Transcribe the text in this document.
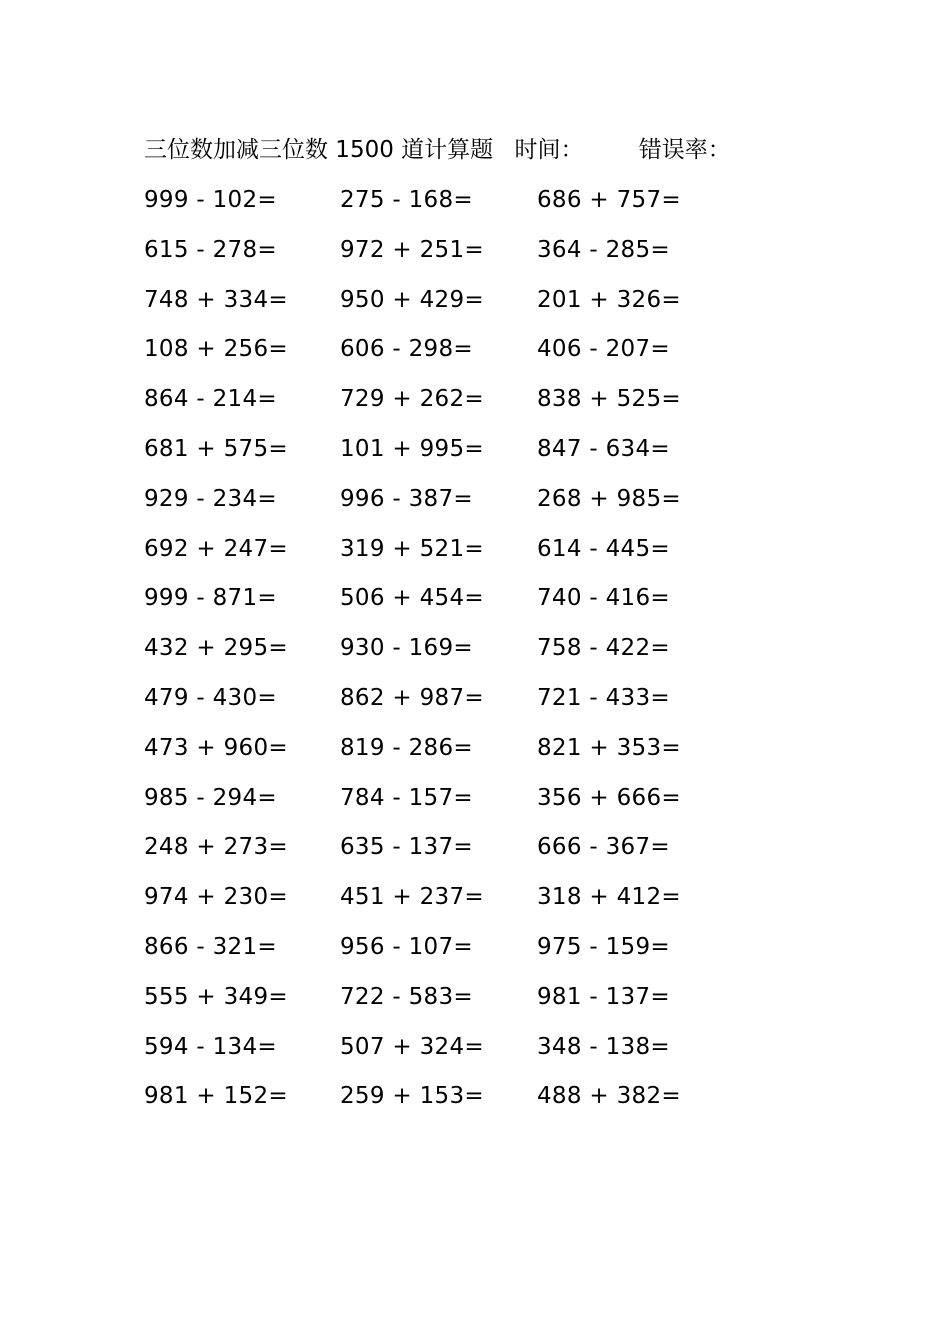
三位数加减三位数 1500 道计算题 时间： 错误率：
999 - 102=	275 - 168=	686 + 757=
615 - 278=	972 + 251= 364 - 285=
748 + 334= 950 + 429= 201 + 326=
108 + 256= 606 - 298=	406 - 207=
864 - 214=	729 + 262= 838 + 525=
681 + 575= 101 + 995= 847 - 634=
929 - 234=	996 - 387=	268 + 985=
692 + 247= 319 + 521= 614 - 445=
999 - 871=	506 + 454= 740 - 416=
432 + 295= 930 - 169=	758 - 422=
479 - 430=	862 + 987= 721 - 433=
473 + 960= 819 - 286=	821 + 353=
985 - 294=	784 - 157=	356 + 666=
248 + 273= 635 - 137=	666 - 367=
974 + 230= 451 + 237= 318 + 412=
866 - 321=	956 - 107=	975 - 159=
555 + 349= 722 - 583=	981 - 137=
594 - 134=	507 + 324= 348 - 138=
981 + 152= 259 + 153= 488 + 382=
